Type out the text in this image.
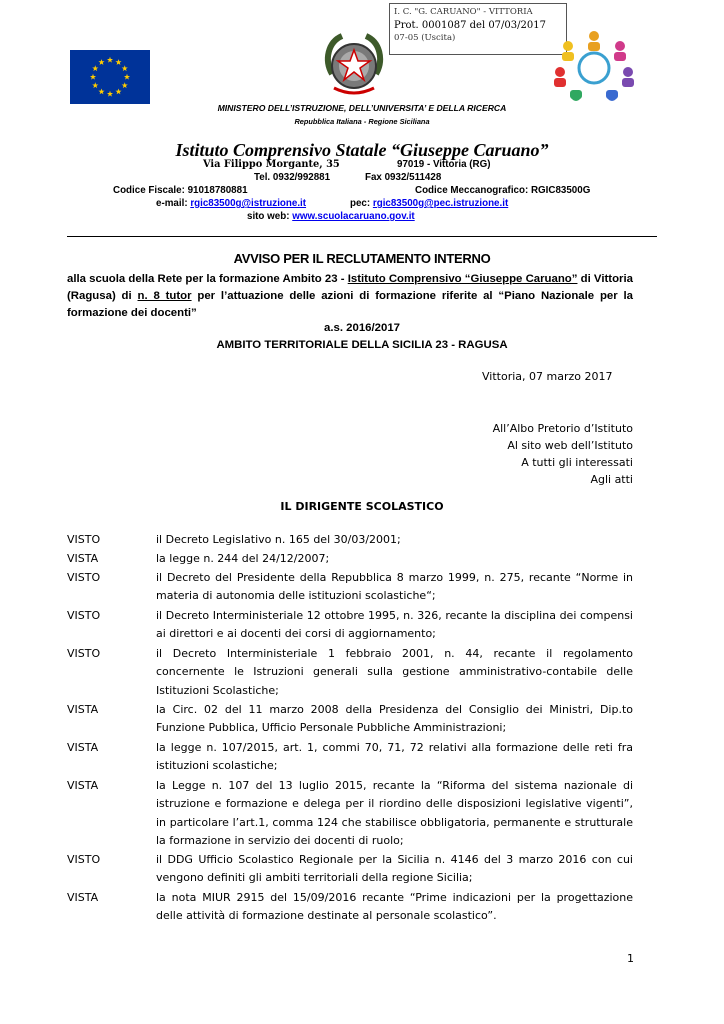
I. C. "G. CARUANO" - VITTORIA
Prot. 0001087 del 07/03/2017
07-05 (Uscita)
MINISTERO DELL’ISTRUZIONE, DELL’UNIVERSITA’ E DELLA RICERCA
Repubblica Italiana - Regione Siciliana
Istituto Comprensivo Statale “Giuseppe Caruano”
Via Filippo Morgante, 35	97019 - Vittoria (RG)
Tel. 0932/992881	Fax 0932/511428
Codice Fiscale: 91018780881	Codice Meccanografico: RGIC83500G
e-mail: rgic83500g@istruzione.it	pec: rgic83500g@pec.istruzione.it
sito web: www.scuolacaruano.gov.it
AVVISO PER IL RECLUTAMENTO INTERNO
alla scuola della Rete per la formazione Ambito 23 - Istituto Comprensivo “Giuseppe Caruano” di Vittoria (Ragusa) di n. 8 tutor per l’attuazione delle azioni di formazione riferite al “Piano Nazionale per la formazione dei docenti”
a.s. 2016/2017
AMBITO TERRITORIALE DELLA SICILIA 23 - RAGUSA
Vittoria, 07 marzo 2017
All’Albo Pretorio d’Istituto
Al sito web dell’Istituto
A tutti gli interessati
Agli atti
IL DIRIGENTE SCOLASTICO
VISTO	il Decreto Legislativo n. 165 del 30/03/2001;
VISTA	la legge n. 244 del 24/12/2007;
VISTO	il Decreto del Presidente della Repubblica 8 marzo 1999, n. 275, recante “Norme in materia di autonomia delle istituzioni scolastiche“;
VISTO	il Decreto Interministeriale 12 ottobre 1995, n. 326, recante la disciplina dei compensi ai direttori e ai docenti dei corsi di aggiornamento;
VISTO	il Decreto Interministeriale 1 febbraio 2001, n. 44, recante il regolamento concernente le Istruzioni generali sulla gestione amministrativo-contabile delle Istituzioni Scolastiche;
VISTA	la Circ. 02 del 11 marzo 2008 della Presidenza del Consiglio dei Ministri, Dip.to Funzione Pubblica, Ufficio Personale Pubbliche Amministrazioni;
VISTA	la legge n. 107/2015, art. 1, commi 70, 71, 72 relativi alla formazione delle reti fra istituzioni scolastiche;
VISTA	la Legge n. 107 del 13 luglio 2015, recante la “Riforma del sistema nazionale di istruzione e formazione e delega per il riordino delle disposizioni legislative vigenti”, in particolare l’art.1, comma 124 che stabilisce obbligatoria, permanente e strutturale la formazione in servizio dei docenti di ruolo;
VISTO	il DDG Ufficio Scolastico Regionale per la Sicilia n. 4146 del 3 marzo 2016 con cui vengono definiti gli ambiti territoriali della regione Sicilia;
VISTA	la nota MIUR 2915 del 15/09/2016 recante “Prime indicazioni per la progettazione delle attività di formazione destinate al personale scolastico”.
1
